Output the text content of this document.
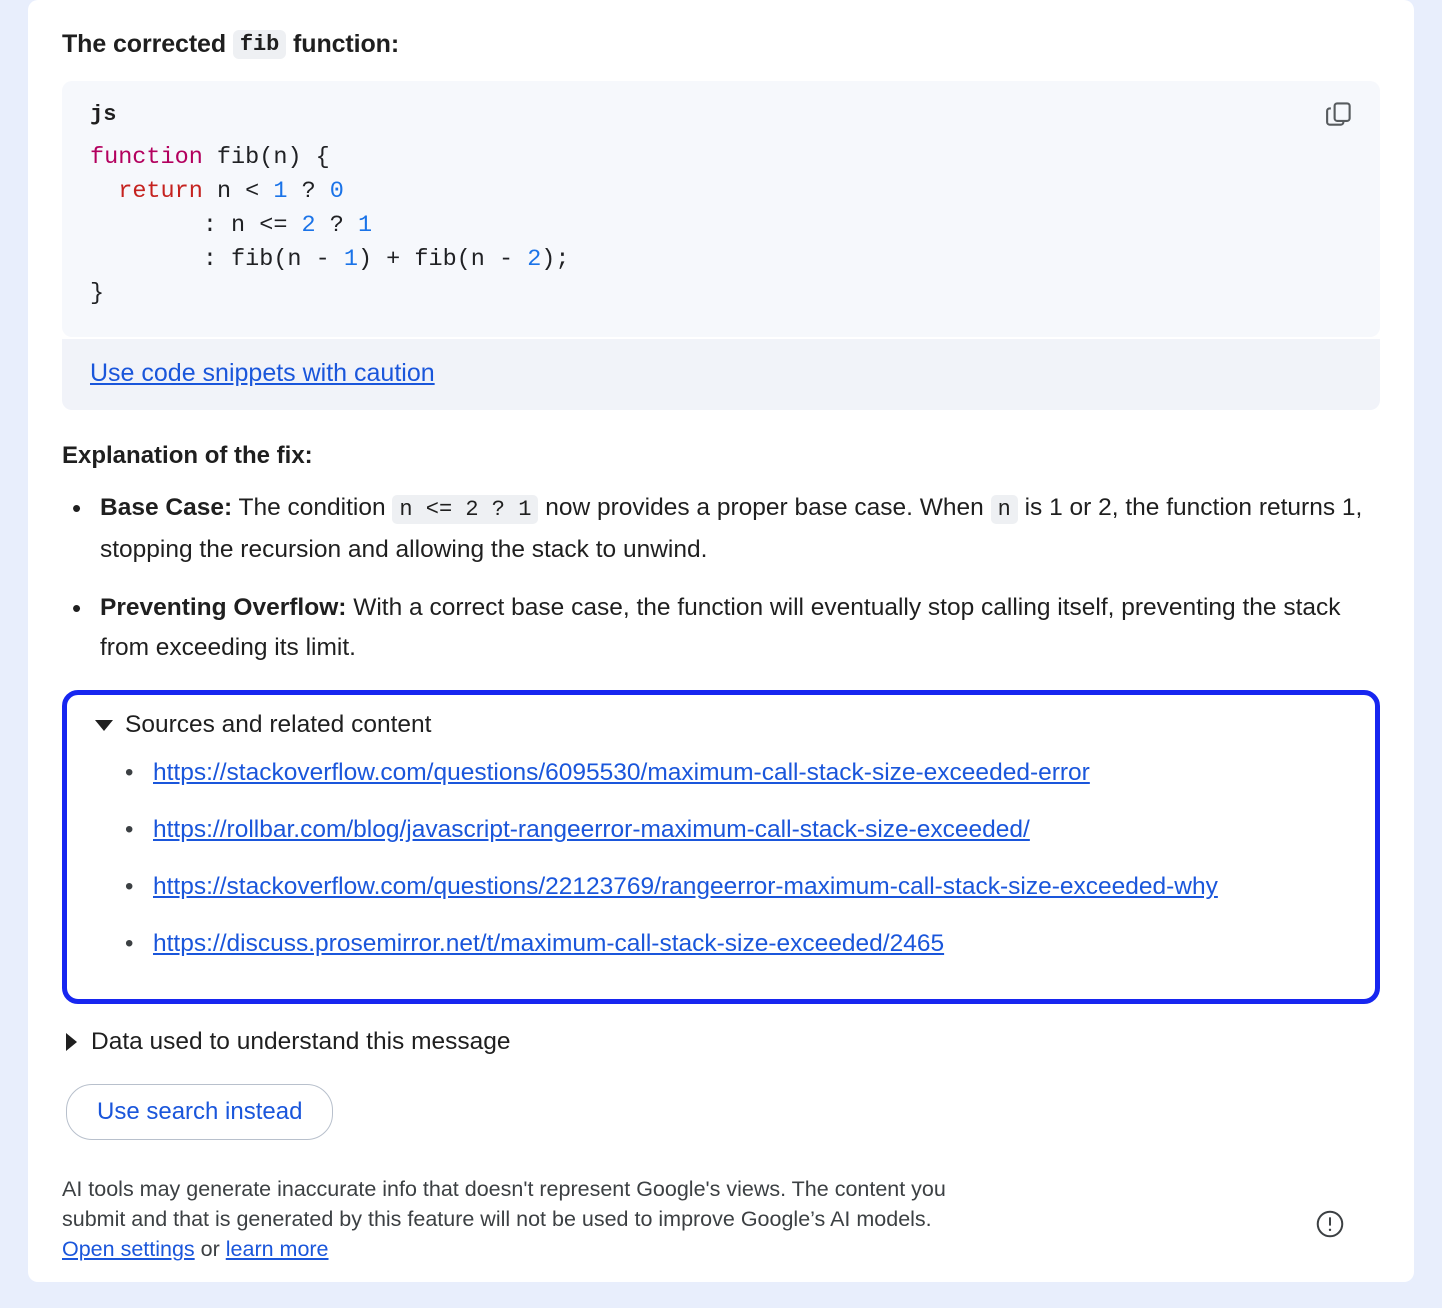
The corrected fib function:
js
function fib(n) {
return n < 1 ? 0
: n <= 2 ? 1
: fib(n - 1) + fib(n - 2);
}
Use code snippets with caution
Explanation of the fix:
• Base Case: The condition n <= 2 ? 1 now provides a proper base case. When n is 1 or 2, the function returns 1, stopping the recursion and allowing the stack to unwind.
• Preventing Overflow: With a correct base case, the function will eventually stop calling itself, preventing the stack from exceeding its limit.
Sources and related content
• https://stackoverflow.com/questions/6095530/maximum-call-stack-size-exceeded-error
• https://rollbar.com/blog/javascript-rangeerror-maximum-call-stack-size-exceeded/
• https://stackoverflow.com/questions/22123769/rangeerror-maximum-call-stack-size-exceeded-why
• https://discuss.prosemirror.net/t/maximum-call-stack-size-exceeded/2465
Data used to understand this message
Use search instead
AI tools may generate inaccurate info that doesn't represent Google's views. The content you
submit and that is generated by this feature will not be used to improve Google’s AI models.
Open settings or learn more
